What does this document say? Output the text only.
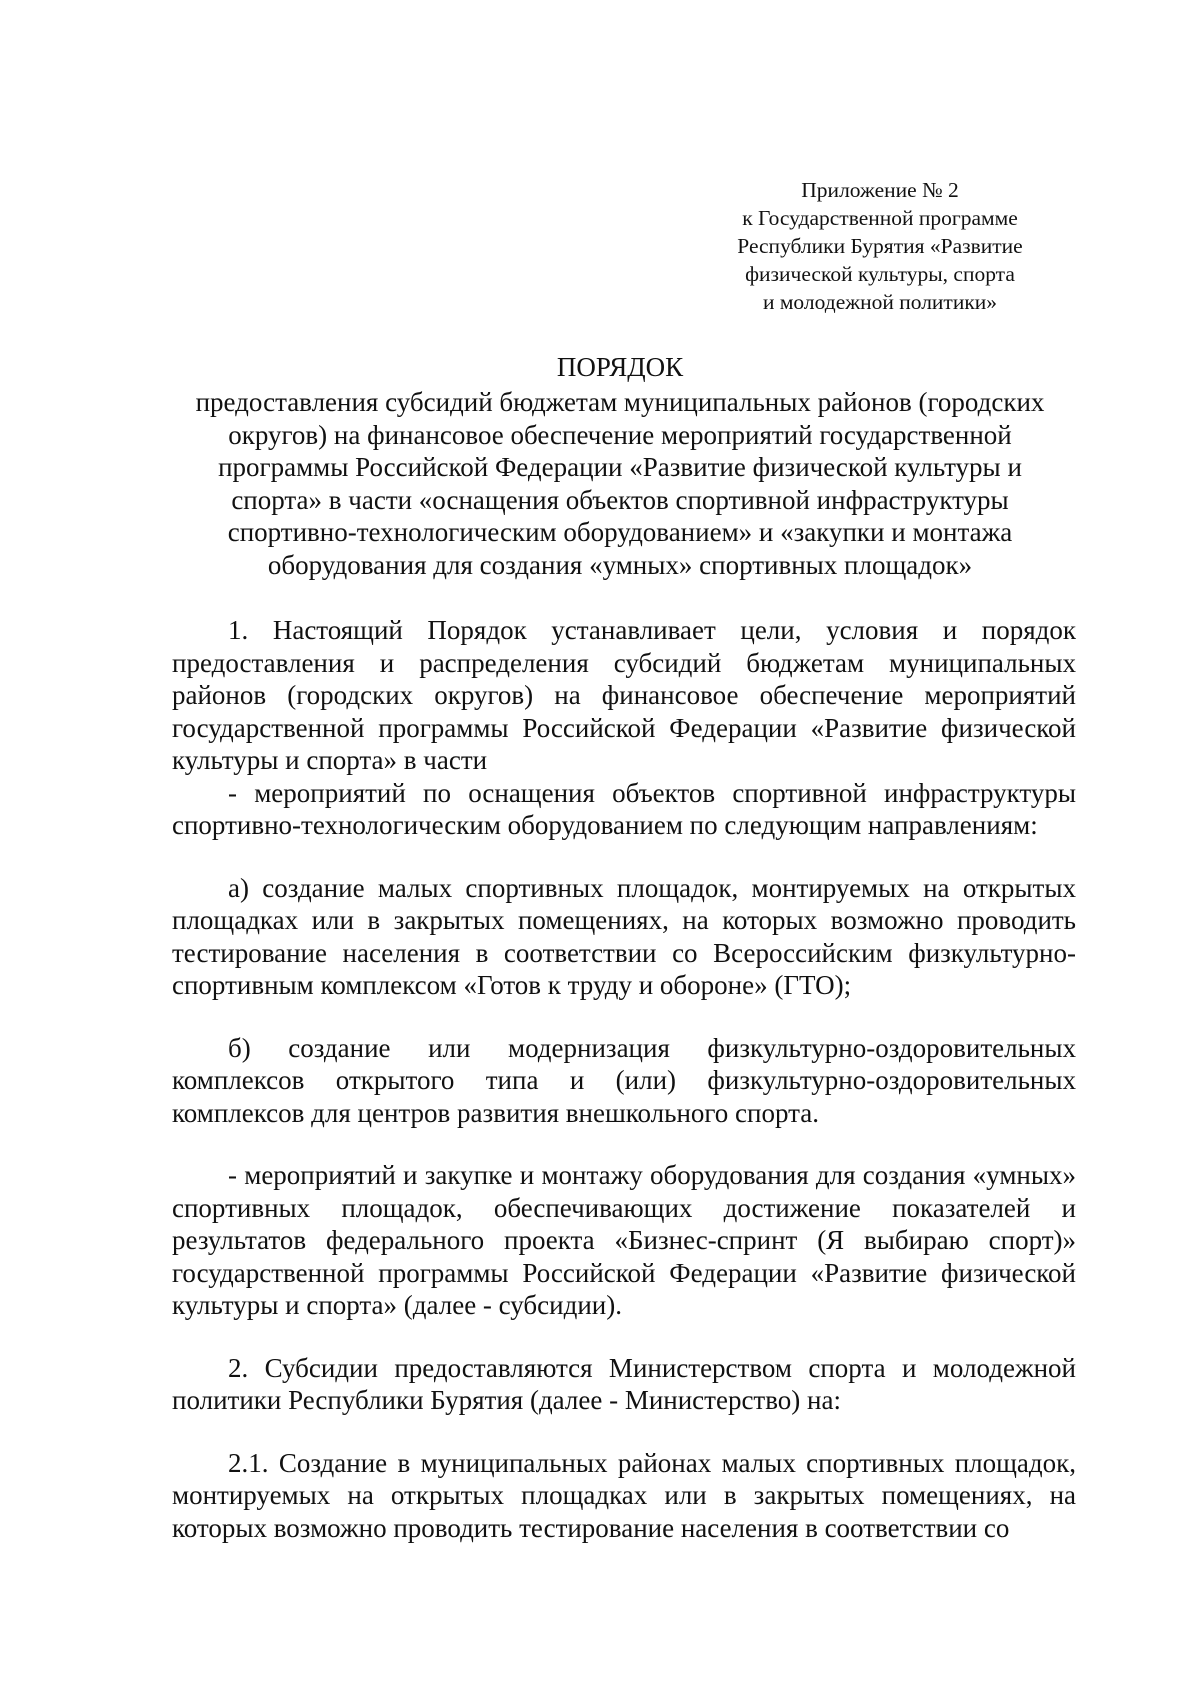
Приложение № 2
к Государственной программе
Республики Бурятия «Развитие
физической культуры, спорта
и молодежной политики»
ПОРЯДОК
предоставления субсидий бюджетам муниципальных районов (городских
округов) на финансовое обеспечение мероприятий государственной
программы Российской Федерации «Развитие физической культуры и
спорта» в части «оснащения объектов спортивной инфраструктуры
спортивно-технологическим оборудованием» и «закупки и монтажа
оборудования для создания «умных» спортивных площадок»

1. Настоящий Порядок устанавливает цели, условия и порядок предоставления и распределения субсидий бюджетам муниципальных районов (городских округов) на финансовое обеспечение мероприятий государственной программы Российской Федерации «Развитие физической культуры и спорта» в части

- мероприятий по оснащения объектов спортивной инфраструктуры спортивно-технологическим оборудованием по следующим направлениям:

а) создание малых спортивных площадок, монтируемых на открытых площадках или в закрытых помещениях, на которых возможно проводить тестирование населения в соответствии со Всероссийским физкультурно-спортивным комплексом «Готов к труду и обороне» (ГТО);

б) создание или модернизация физкультурно-оздоровительных комплексов открытого типа и (или) физкультурно-оздоровительных комплексов для центров развития внешкольного спорта.

- мероприятий и закупке и монтажу оборудования для создания «умных» спортивных площадок, обеспечивающих достижение показателей и результатов федерального проекта «Бизнес-спринт (Я выбираю спорт)» государственной программы Российской Федерации «Развитие физической культуры и спорта» (далее - субсидии).

2. Субсидии предоставляются Министерством спорта и молодежной политики Республики Бурятия (далее - Министерство) на:

2.1. Создание в муниципальных районах малых спортивных площадок, монтируемых на открытых площадках или в закрытых помещениях, на которых возможно проводить тестирование населения в соответствии со
